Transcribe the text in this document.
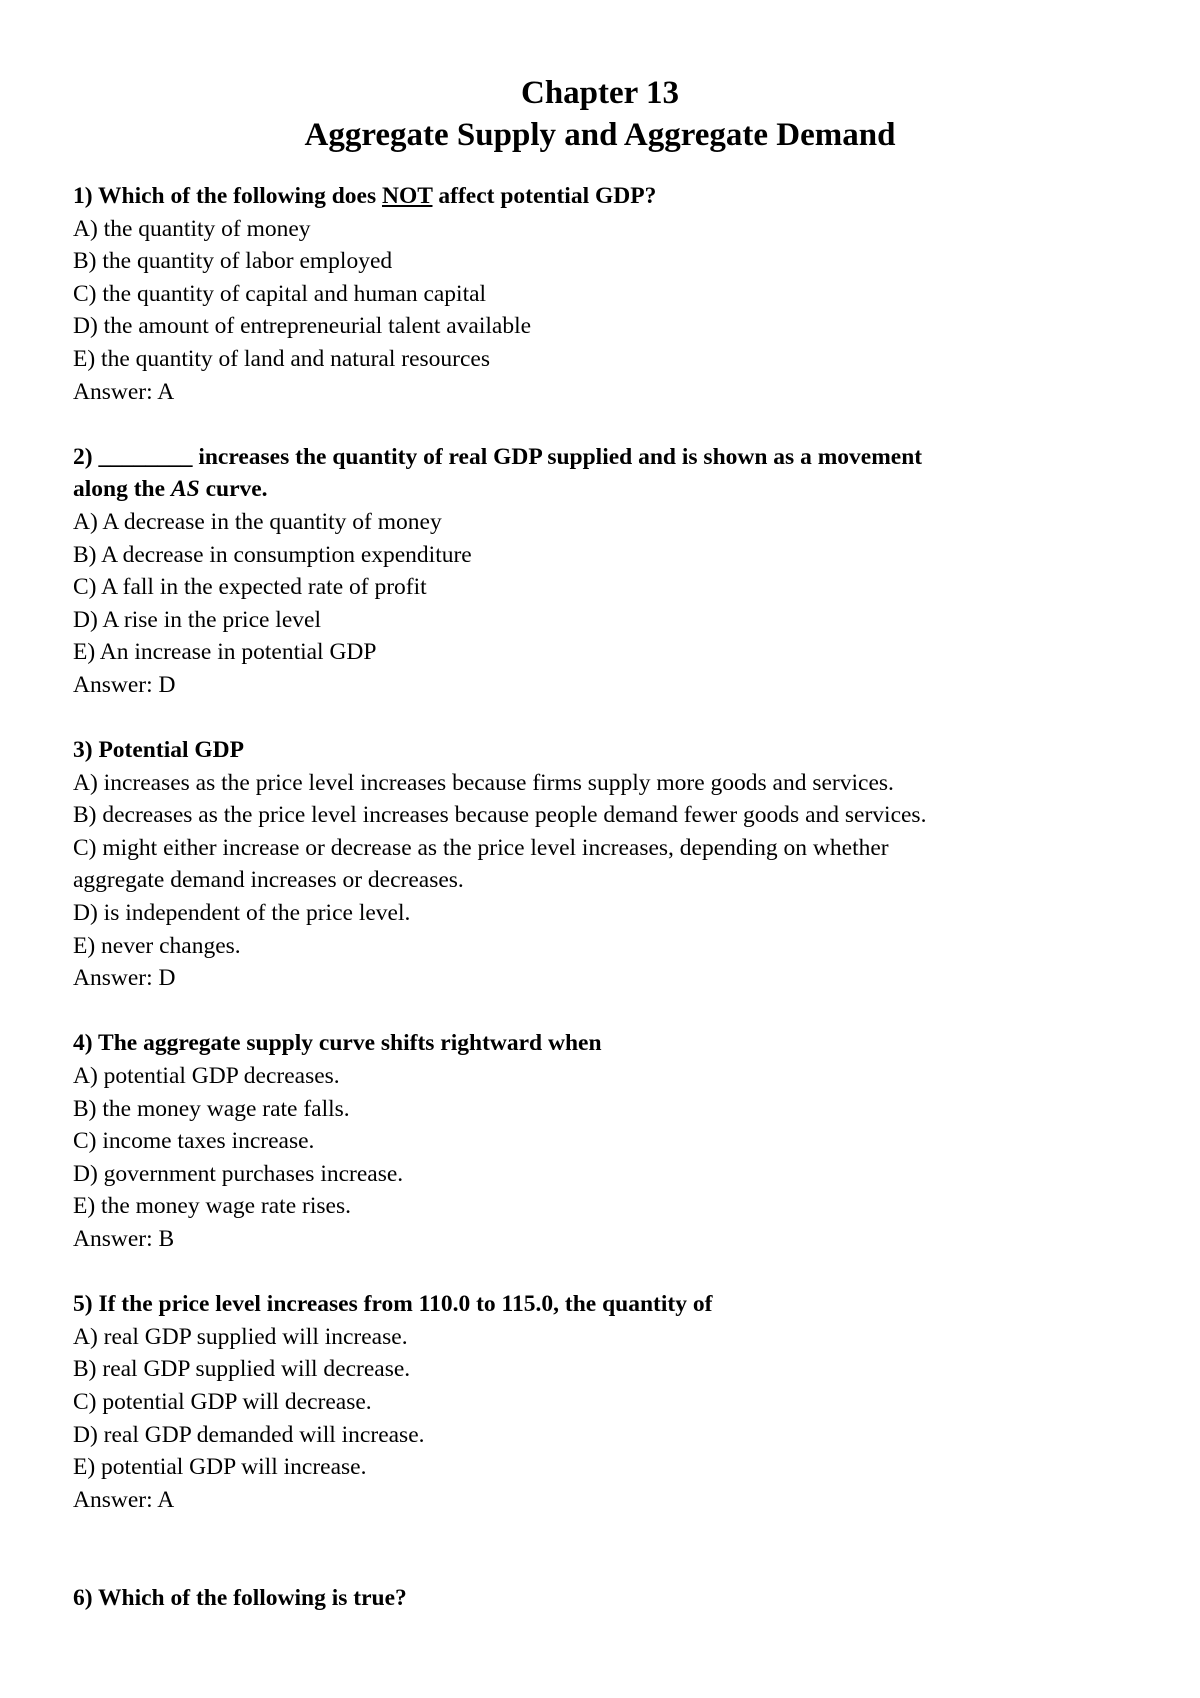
Chapter 13
Aggregate Supply and Aggregate Demand
1) Which of the following does NOT affect potential GDP?
A) the quantity of money
B) the quantity of labor employed
C) the quantity of capital and human capital
D) the amount of entrepreneurial talent available
E) the quantity of land and natural resources
Answer: A
2) ________ increases the quantity of real GDP supplied and is shown as a movement
along the AS curve.
A) A decrease in the quantity of money
B) A decrease in consumption expenditure
C) A fall in the expected rate of profit
D) A rise in the price level
E) An increase in potential GDP
Answer: D
3) Potential GDP
A) increases as the price level increases because firms supply more goods and services.
B) decreases as the price level increases because people demand fewer goods and services.
C) might either increase or decrease as the price level increases, depending on whether
aggregate demand increases or decreases.
D) is independent of the price level.
E) never changes.
Answer: D
4) The aggregate supply curve shifts rightward when
A) potential GDP decreases.
B) the money wage rate falls.
C) income taxes increase.
D) government purchases increase.
E) the money wage rate rises.
Answer: B
5) If the price level increases from 110.0 to 115.0, the quantity of
A) real GDP supplied will increase.
B) real GDP supplied will decrease.
C) potential GDP will decrease.
D) real GDP demanded will increase.
E) potential GDP will increase.
Answer: A
6) Which of the following is true?
